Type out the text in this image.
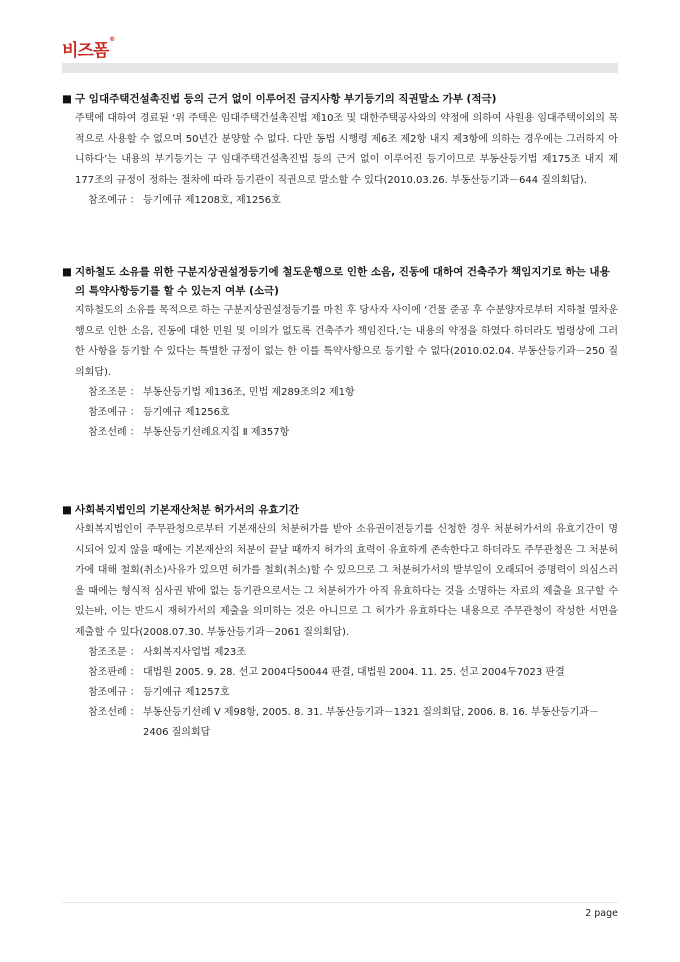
비즈폼®
■ 구 임대주택건설촉진법 등의 근거 없이 이루어진 금지사항 부기등기의 직권말소 가부 (적극)
주택에 대하여 경료된 ‘위 주택은 임대주택건설촉진법 제10조 및 대한주택공사와의 약정에 의하여 사원용 임대주택이외의 목적으로 사용할 수 없으며 50년간 분양할 수 없다. 다만 동법 시행령 제6조 제2항 내지 제3항에 의하는 경우에는 그러하지 아니하다’는 내용의 부기등기는 구 임대주택건설촉진법 등의 근거 없이 이루어진 등기이므로 부동산등기법 제175조 내지 제177조의 규정이 정하는 절차에 따라 등기관이 직권으로 말소할 수 있다(2010.03.26. 부동산등기과－644 질의회답).
참조예규 ：
등기예규 제1208호, 제1256호
■ 지하철도 소유를 위한 구분지상권설정등기에 철도운행으로 인한 소음, 진동에 대하여 건축주가 책임지기로 하는 내용의 특약사항등기를 할 수 있는지 여부 (소극)
지하철도의 소유를 목적으로 하는 구분지상권설정등기를 마친 후 당사자 사이에 ‘건물 준공 후 수분양자로부터 지하철 열차운행으로 인한 소음, 진동에 대한 민원 및 이의가 없도록 건축주가 책임진다.’는 내용의 약정을 하였다 하더라도 법령상에 그러한 사항을 등기할 수 있다는 특별한 규정이 없는 한 이를 특약사항으로 등기할 수 없다(2010.02.04. 부동산등기과－250 질의회답).
참조조문 ：
부동산등기법 제136조, 민법 제289조의2 제1항
참조예규 ：
등기예규 제1256호
참조선례 ：
부동산등기선례요지집 Ⅱ 제357항
■ 사회복지법인의 기본재산처분 허가서의 유효기간
사회복지법인이 주무관청으로부터 기본재산의 처분허가를 받아 소유권이전등기를 신청한 경우 처분허가서의 유효기간이 명시되어 있지 않을 때에는 기본재산의 처분이 끝날 때까지 허가의 효력이 유효하게 존속한다고 하더라도 주무관청은 그 처분허가에 대해 철회(취소)사유가 있으면 허가를 철회(취소)할 수 있으므로 그 처분허가서의 발부일이 오래되어 증명력이 의심스러울 때에는 형식적 심사권 밖에 없는 등기관으로서는 그 처분허가가 아직 유효하다는 것을 소명하는 자료의 제출을 요구할 수 있는바, 이는 반드시 재허가서의 제출을 의미하는 것은 아니므로 그 허가가 유효하다는 내용으로 주무관청이 작성한 서면을 제출할 수 있다(2008.07.30. 부동산등기과－2061 질의회답).
참조조문 ：
사회복지사업법 제23조
참조판례 ：
대법원 2005. 9. 28. 선고 2004다50044 판결, 대법원 2004. 11. 25. 선고 2004두7023 판결
참조예규 ：
등기예규 제1257호
참조선례 ：
부동산등기선례 Ⅴ 제98항, 2005. 8. 31. 부동산등기과－1321 질의회답, 2006. 8. 16. 부동산등기과－2406 질의회답
2 page
